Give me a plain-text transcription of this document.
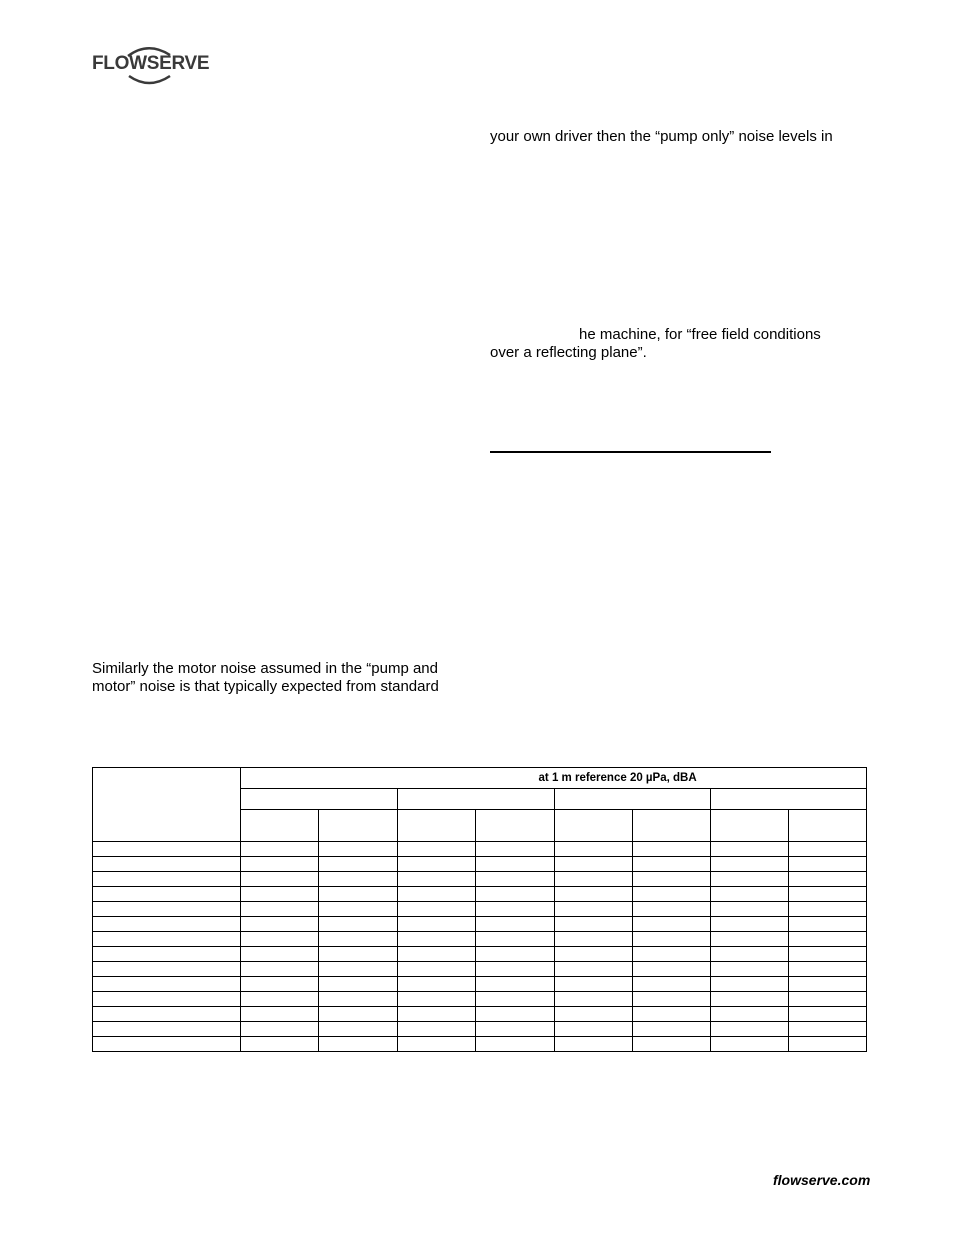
FLOWSERVE
your own driver then the “pump only” noise levels in
he machine, for “free field conditions
over a reflecting plane”.
Similarly the motor noise assumed in the “pump and
motor” noise is that typically expected from standard
	at 1 m reference 20 µPa, dBA							

flowserve.com
